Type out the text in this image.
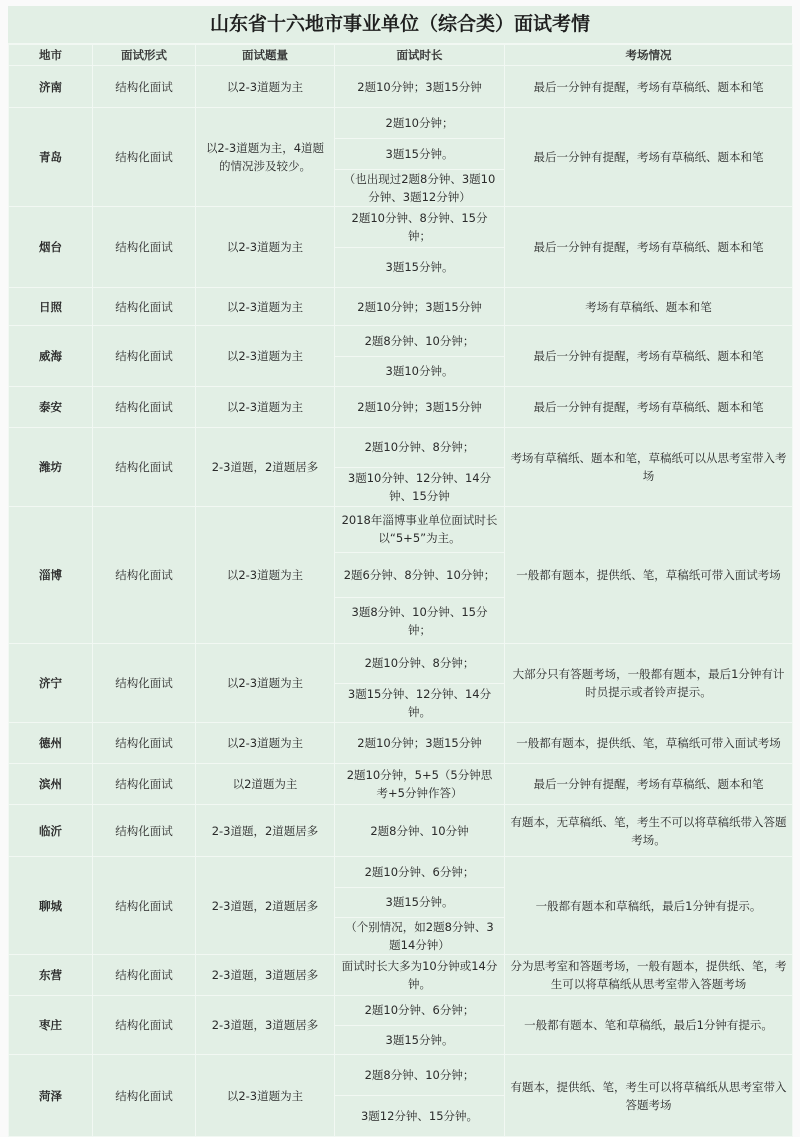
山东省十六地市事业单位（综合类）面试考情
地市	面试形式	面试题量	面试时长	考场情况
济南	结构化面试	以2-3道题为主	2题10分钟；3题15分钟	最后一分钟有提醒，考场有草稿纸、题本和笔
青岛	结构化面试	以2-3道题为主，4道题的情况涉及较少。	2题10分钟；
3题15分钟。
（也出现过2题8分钟、3题10分钟、3题12分钟）	最后一分钟有提醒，考场有草稿纸、题本和笔
烟台	结构化面试	以2-3道题为主	2题10分钟、8分钟、15分钟；
3题15分钟。	最后一分钟有提醒，考场有草稿纸、题本和笔
日照	结构化面试	以2-3道题为主	2题10分钟；3题15分钟	考场有草稿纸、题本和笔
威海	结构化面试	以2-3道题为主	2题8分钟、10分钟；
3题10分钟。	最后一分钟有提醒，考场有草稿纸、题本和笔
泰安	结构化面试	以2-3道题为主	2题10分钟；3题15分钟	最后一分钟有提醒，考场有草稿纸、题本和笔
潍坊	结构化面试	2-3道题，2道题居多	2题10分钟、8分钟；
3题10分钟、12分钟、14分钟、15分钟	考场有草稿纸、题本和笔，草稿纸可以从思考室带入考场
淄博	结构化面试	以2-3道题为主	2018年淄博事业单位面试时长以“5+5”为主。
2题6分钟、8分钟、10分钟；
3题8分钟、10分钟、15分钟；	一般都有题本，提供纸、笔，草稿纸可带入面试考场
济宁	结构化面试	以2-3道题为主	2题10分钟、8分钟；
3题15分钟、12分钟、14分钟。	大部分只有答题考场，一般都有题本，最后1分钟有计时员提示或者铃声提示。
德州	结构化面试	以2-3道题为主	2题10分钟；3题15分钟	一般都有题本，提供纸、笔，草稿纸可带入面试考场
滨州	结构化面试	以2道题为主	2题10分钟，5+5（5分钟思考+5分钟作答）	最后一分钟有提醒，考场有草稿纸、题本和笔
临沂	结构化面试	2-3道题，2道题居多	2题8分钟、10分钟	有题本，无草稿纸、笔，考生不可以将草稿纸带入答题考场。
聊城	结构化面试	2-3道题，2道题居多	2题10分钟、6分钟；
3题15分钟。
（个别情况，如2题8分钟、3题14分钟）	一般都有题本和草稿纸，最后1分钟有提示。
东营	结构化面试	2-3道题，3道题居多	面试时长大多为10分钟或14分钟。	分为思考室和答题考场，一般有题本，提供纸、笔，考生可以将草稿纸从思考室带入答题考场
枣庄	结构化面试	2-3道题，3道题居多	2题10分钟、6分钟；
3题15分钟。	一般都有题本、笔和草稿纸，最后1分钟有提示。
菏泽	结构化面试	以2-3道题为主	2题8分钟、10分钟；
3题12分钟、15分钟。	有题本，提供纸、笔，考生可以将草稿纸从思考室带入答题考场
